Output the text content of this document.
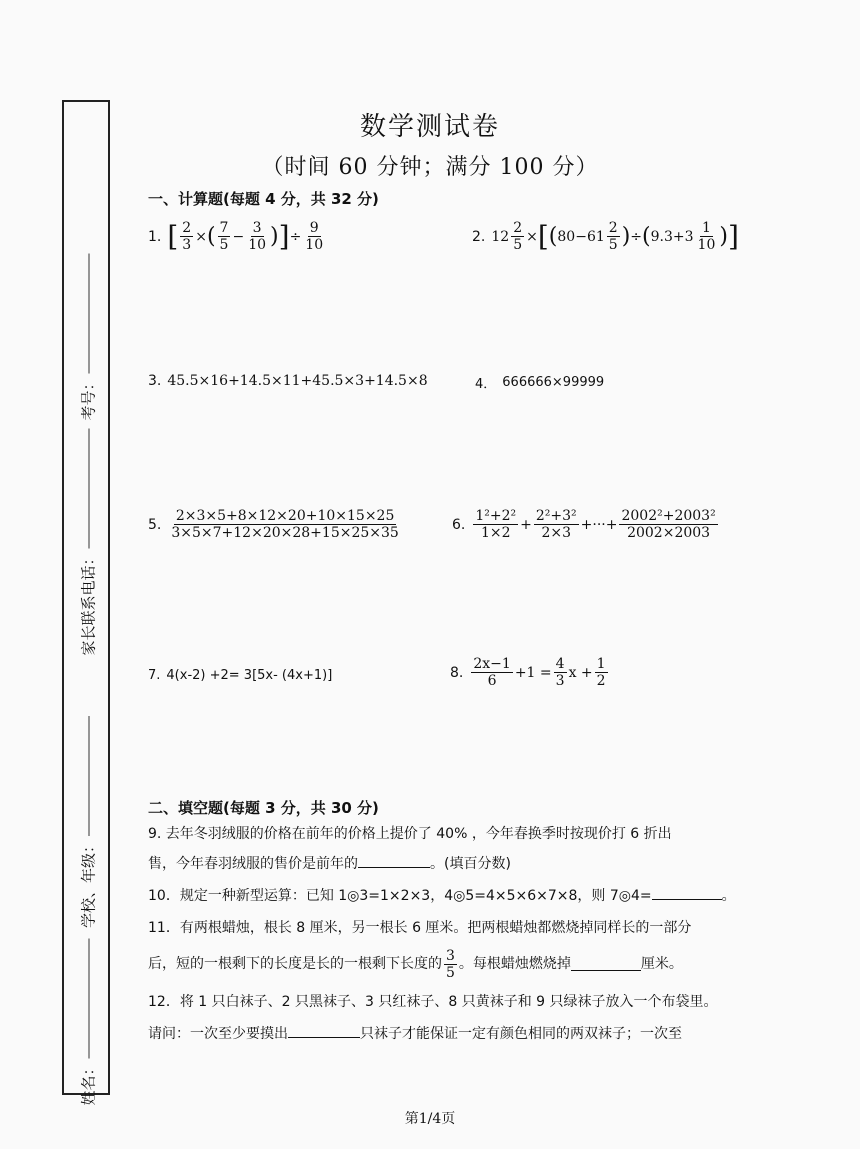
考号：
家长联系电话：
学校、年级：
姓名：
数学测试卷
（时间 60 分钟；满分 100 分）
一、计算题(每题 4 分，共 32 分)
1. [ $\frac{2}{3}$ × ( $\frac{7}{5} - \frac{3}{10}$ ) ] ÷ $\frac{9}{10}$	2. $12 \frac{2}{5}$ × [ ( $80 - 61 \frac{2}{5}$ ) ÷ ( $9.3 + 3 \frac{1}{10}$ ) ]
3. 45.5×16+14.5×11+45.5×3+14.5×8	4． 666666×99999
5. $\frac{2\times 3\times 5+8\times 12\times 20+10\times 15\times 25}{3\times 5\times 7+12\times 20\times 28+15\times 25\times 35}$	6. $\frac{\text{1²+2²}}{1\times 2} + \frac{\text{2²+3²}}{2\times 3}$ +···+ $\frac{\text{2002²+2003²}}{2002\times 2003}$
7. 4(x-2) +2= 3[5x- (4x+1)]	8. $\frac{2x-1}{6} +1 = \frac{4}{3}$ $x + \frac{1}{2}$
二、填空题(每题 3 分，共 30 分)
9. 去年冬羽绒服的价格在前年的价格上提价了 40% ，今年春换季时按现价打 6 折出
售，今年春羽绒服的售价是前年的	。(填百分数)
10．规定一种新型运算：已知 1◎3=1×2×3，4◎5=4×5×6×7×8，则 7◎4=	。
11．有两根蜡烛，根长 8 厘米，另一根长 6 厘米。把两根蜡烛都燃烧掉同样长的一部分
后，短的一根剩下的长度是长的一根剩下长度的 $\frac{3}{5}$ 。每根蜡烛燃烧掉	厘米。
12．将 1 只白袜子、2 只黑袜子、3 只红袜子、8 只黄袜子和 9 只绿袜子放入一个布袋里。
请问：一次至少要摸出	只袜子才能保证一定有颜色相同的两双袜子；一次至
第1/4页
